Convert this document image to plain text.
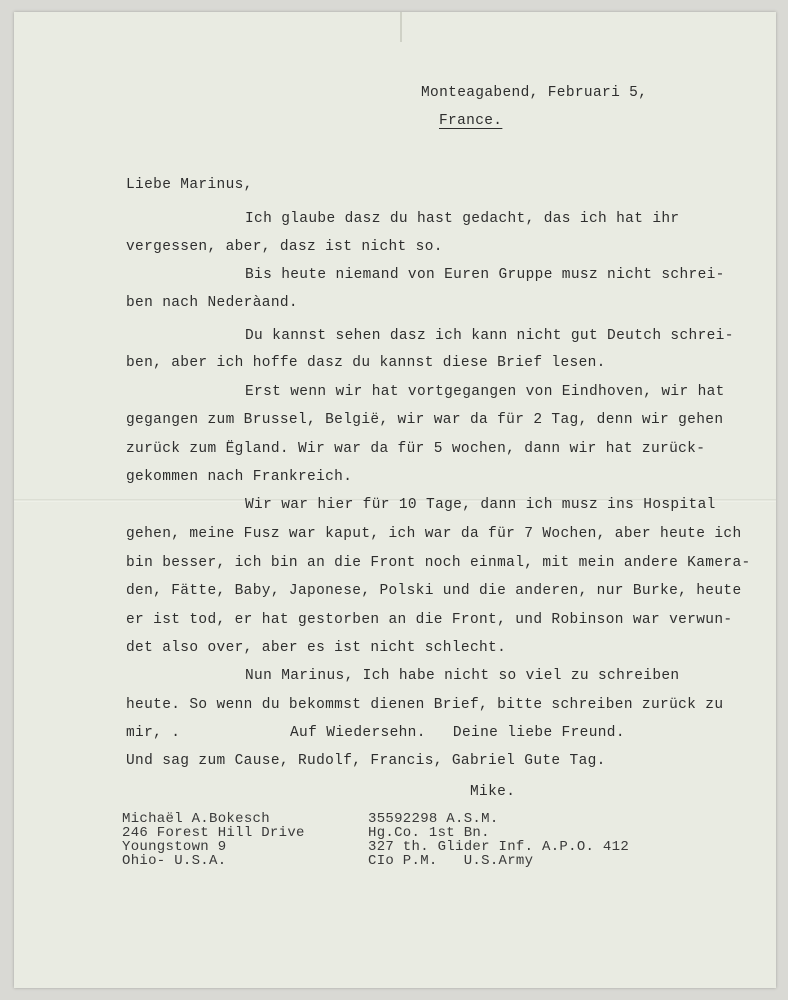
Monteagabend, Februari 5,
France.
Liebe Marinus,
Ich glaube dasz du hast gedacht, das ich hat ihr
vergessen, aber, dasz ist nicht so.
Bis heute niemand von Euren Gruppe musz nicht schrei-
ben nach Nederàand.
Du kannst sehen dasz ich kann nicht gut Deutch schrei-
ben, aber ich hoffe dasz du kannst diese Brief lesen.
Erst wenn wir hat vortgegangen von Eindhoven, wir hat
gegangen zum Brussel, België, wir war da für 2 Tag, denn wir gehen
zurück zum Ëgland. Wir war da für 5 wochen, dann wir hat zurück-
gekommen nach Frankreich.
Wir war hier für 10 Tage, dann ich musz ins Hospital
gehen, meine Fusz war kaput, ich war da für 7 Wochen, aber heute ich
bin besser, ich bin an die Front noch einmal, mit mein andere Kamera-
den, Fätte, Baby, Japonese, Polski und die anderen, nur Burke, heute
er ist tod, er hat gestorben an die Front, und Robinson war verwun-
det also over, aber es ist nicht schlecht.
Nun Marinus, Ich habe nicht so viel zu schreiben
heute. So wenn du bekommst dienen Brief, bitte schreiben zurück zu
mir, .	Auf Wiedersehn.   Deine liebe Freund.
Und sag zum Cause, Rudolf, Francis, Gabriel Gute Tag.
Mike.
Michaël A.Bokesch
246 Forest Hill Drive
Youngstown 9
Ohio- U.S.A.
35592298 A.S.M.
Hg.Co. 1st Bn.
327 th. Glider Inf. A.P.O. 412
CIo P.M.   U.S.Army
